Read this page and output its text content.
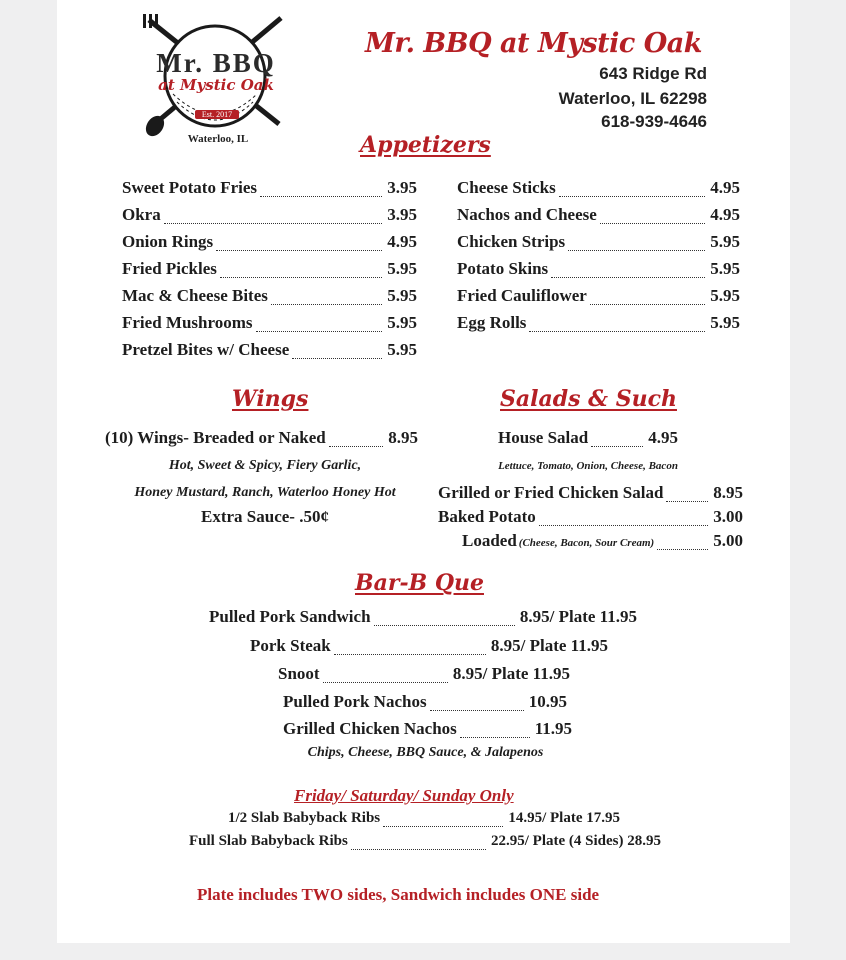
Mr. BBQ
at Mystic Oak
Est. 2017
Waterloo, IL
Mr. BBQ at Mystic Oak
643 Ridge Rd
Waterloo, IL 62298
618-939-4646
Appetizers
Sweet Potato Fries	3.95
Okra	3.95
Onion Rings	4.95
Fried Pickles	5.95
Mac & Cheese Bites	5.95
Fried Mushrooms	5.95
Pretzel Bites w/ Cheese	5.95
Cheese Sticks	4.95
Nachos and Cheese	4.95
Chicken Strips	5.95
Potato Skins	5.95
Fried Cauliflower	5.95
Egg Rolls	5.95
Wings
(10) Wings- Breaded or Naked	8.95
Hot, Sweet & Spicy, Fiery Garlic,
Honey Mustard, Ranch, Waterloo Honey Hot
Extra Sauce- .50¢
Salads & Such
House Salad	4.95
Lettuce, Tomato, Onion, Cheese, Bacon
Grilled or Fried Chicken Salad	8.95
Baked Potato	3.00
Loaded (Cheese, Bacon, Sour Cream)	5.00
Bar-B Que
Pulled Pork Sandwich	8.95/ Plate 11.95
Pork Steak	8.95/ Plate 11.95
Snoot	8.95/ Plate 11.95
Pulled Pork Nachos	10.95
Grilled Chicken Nachos	11.95
Chips, Cheese, BBQ Sauce, & Jalapenos
Friday/ Saturday/ Sunday Only
1/2 Slab Babyback Ribs	14.95/ Plate 17.95
Full Slab Babyback Ribs	22.95/ Plate (4 Sides) 28.95
Plate includes TWO sides, Sandwich includes ONE side
